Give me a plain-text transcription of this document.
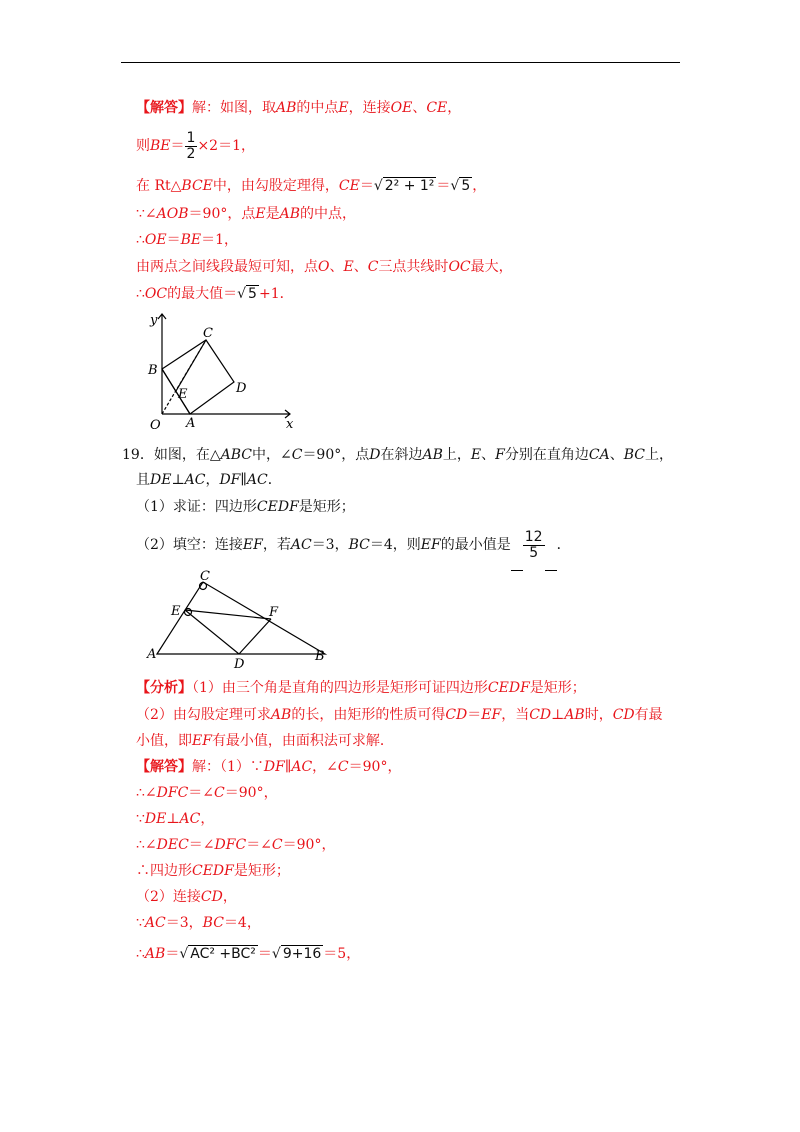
【解答】解：如图，取AB的中点E，连接OE、CE，
则$BE= \frac{1}{2} \times 2=1$，
在 Rt△BCE中，由勾股定理得，CE＝√ 2² + 1² ＝√ 5 ，
∵∠AOB＝90°，点E是AB的中点，
∴OE＝BE＝1，
由两点之间线段最短可知，点O、E、C三点共线时OC最大，
∴OC的最大值＝√ 5 +1．
y
x
O A
B
C
D
E
19．如图，在△ABC中，∠C＝90°，点D在斜边AB上，E、F分别在直角边CA、BC上，
且DE⊥AC，DF∥AC．
（1）求证：四边形CEDF是矩形；
（2）填空：连接EF，若AC＝3，BC＝4，则EF的最小值是 $\frac{12}{5}$ ．
C
E	F
A
D
B
【分析】（1）由三个角是直角的四边形是矩形可证四边形CEDF是矩形；
（2）由勾股定理可求AB的长，由矩形的性质可得CD＝EF，当CD⊥AB时，CD有最
小值，即EF有最小值，由面积法可求解．
【解答】解：（1）∵DF∥AC，∠C＝90°，
∴∠DFC＝∠C＝90°，
∵DE⊥AC，
∴∠DEC＝∠DFC＝∠C＝90°，
∴四边形CEDF是矩形；
（2）连接CD，
∵AC＝3，BC＝4，
∴AB＝√ AC² +BC² ＝√ 9+16 ＝5，
